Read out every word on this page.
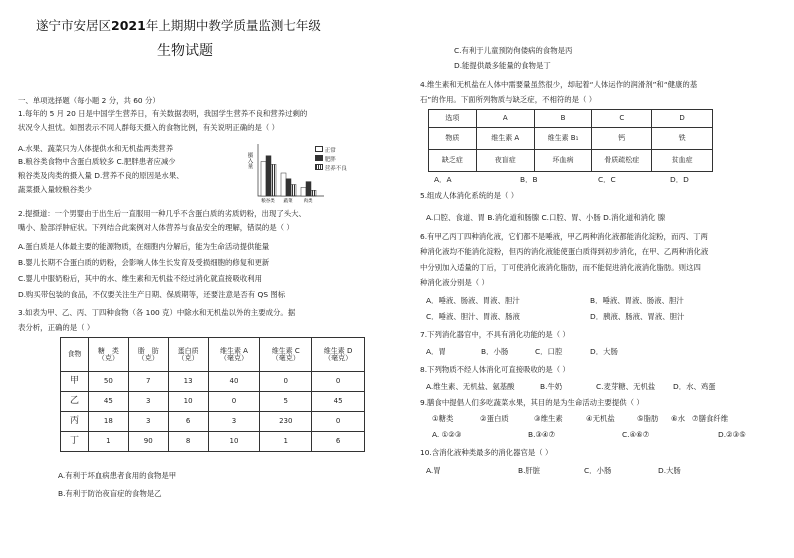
遂宁市安居区2021年上期期中教学质量监测七年级
生物试题
一、单项选择题（每小题 2 分，共 60 分）
1.每年的 5 月 20 日是中国学生营养日，有关数据表明，我国学生营养不良和营养过剩的
状况令人担忧。如图表示不同人群每天摄入的食物比例，有关说明正确的是（ ）
A.水果、蔬菜只为人体提供水和无机盐两类营养
B.粮谷类食物中含蛋白质较多 C.肥胖患者应减少
粮谷类及肉类的摄入量 D.营养不良的原因是水果、
蔬菜摄入量较粮谷类少
粮谷类 蔬菜 肉类
摄入量
正常
肥胖
营养不良
2.提摄道：一个男婴由于出生后一直服用一种几乎不含蛋白质的劣质奶粉，出现了头大、
嘴小、脸部浮肿症状。下列结合此案例对人体营养与食品安全的理解，错误的是（ ）
A.蛋白质是人体最主要的能源物质，在细胞内分解后，能为生命活动提供能量
B.婴儿长期不合蛋白质的奶粉，会影响人体生长发育及受损细胞的修复和更新
C.婴儿中服奶粉后，其中的水、维生素和无机盐不经过消化就直接吸收利用
D.购买带包装的食品，不仅要关注生产日期、保质期等，还要注意是否有 QS 图标
3.如表为甲、乙、丙、丁四种食物（各 100 克）中除水和无机盐以外的主要成分。据
表分析，正确的是（ ）
食物	糖　类
（克）	脂　肪
（克）	蛋白质
（克）	维生素 A
（毫克）	维生素 C
（毫克）	维生素 D
（毫克）
甲	50	7	13	40	0	0
乙	45	3	10	0	5	45
丙	18	3	6	3	230	0
丁	1	90	8	10	1	6
A.有利于坏血病患者食用的食物是甲
B.有利于防治夜盲症的食物是乙
C.有利于儿童预防佝偻病的食物是丙
D.能提供最多能量的食物是丁
4.维生素和无机盐在人体中需要量虽然很少，却起着“人体运作的润滑剂”和“健康的基
石”的作用。下面所列物质与缺乏症，不相符的是（ ）
选项	A	B	C	D
物质	维生素 A	维生素 B₁	钙	铁
缺乏症	夜盲症	坏血病	骨质疏松症	贫血症
A．A	B．B	C．C	D．D
5.组成人体消化系统的是（ ）
A.口腔、食道、胃 B.消化道和肠腺 C.口腔、胃、小肠 D.消化道和消化 腺
6.有甲乙丙丁四种消化液，它们都不是唾液，甲乙两种消化液都能消化淀粉，而丙、丁两
种消化液均不能消化淀粉，但丙的消化液能使蛋白质得到初步消化，在甲、乙两种消化液
中分别加入适量的丁后，丁可使消化液消化脂肪，而不能促进消化液消化脂肪。则这四
种消化液分别是（ ）
A．唾液、肠液、胃液、胆汁	B．唾液、胃液、肠液、胆汁
C．唾液、胆汁、胃液、肠液	D．胰液、肠液、胃液、胆汁
7.下列消化器官中，不具有消化功能的是（ ）
A．胃	B．小肠	C．口腔	D．大肠
8.下列物质不经人体消化可直接吸收的是（ ）
A.维生素、无机盐、氨基酸	B.牛奶	C.麦芽糖、无机盐 D．水、鸡蛋
9.膳食中提倡人们多吃蔬菜水果，其目的是为生命活动主要提供（ ）
①糖类	②蛋白质	③维生素	④无机盐	⑤脂肪 ⑥水 ⑦膳食纤维
A. ①②③	B.③④⑦	C.④⑥⑦	D.②③⑤
10.含消化液种类最多的消化器官是（ ）
A.胃	B.肝脏	C．小肠	D.大肠
